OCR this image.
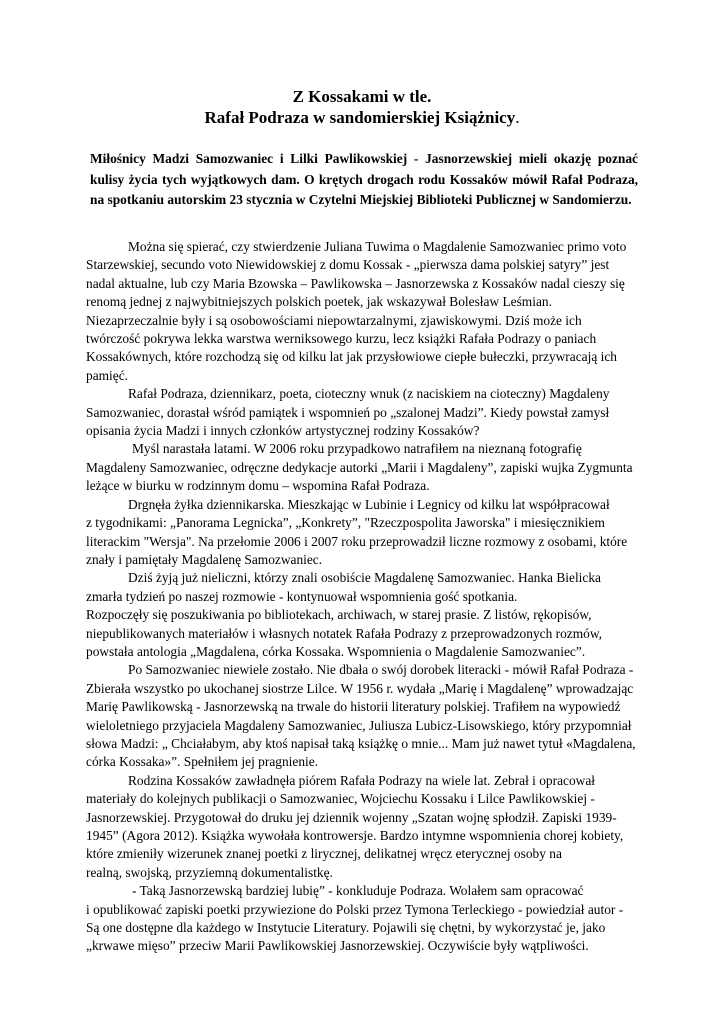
Z Kossakami w tle.
Rafał Podraza w sandomierskiej Książnicy.
Miłośnicy Madzi Samozwaniec i Lilki Pawlikowskiej - Jasnorzewskiej mieli okazję poznać
kulisy życia tych wyjątkowych dam. O krętych drogach rodu Kossaków mówił Rafał Podraza,
na spotkaniu autorskim 23 stycznia w Czytelni Miejskiej Biblioteki Publicznej w Sandomierzu.
Można się spierać, czy stwierdzenie Juliana Tuwima o Magdalenie Samozwaniec primo voto
Starzewskiej, secundo voto Niewidowskiej z domu Kossak - „pierwsza dama polskiej satyry” jest
nadal aktualne, lub czy Maria Bzowska – Pawlikowska – Jasnorzewska z Kossaków nadal cieszy się
renomą jednej z najwybitniejszych polskich poetek, jak wskazywał Bolesław Leśmian.
Niezaprzeczalnie były i są osobowościami niepowtarzalnymi, zjawiskowymi. Dziś może ich
twórczość pokrywa lekka warstwa werniksowego kurzu, lecz książki Rafała Podrazy o paniach
Kossakównych, które rozchodzą się od kilku lat jak przysłowiowe ciepłe bułeczki, przywracają ich
pamięć.
Rafał Podraza, dziennikarz, poeta, cioteczny wnuk (z naciskiem na cioteczny) Magdaleny
Samozwaniec, dorastał wśród pamiątek i wspomnień po „szalonej Madzi”. Kiedy powstał zamysł
opisania życia Madzi i innych członków artystycznej rodziny Kossaków?
Myśl narastała latami. W 2006 roku przypadkowo natrafiłem na nieznaną fotografię
Magdaleny Samozwaniec, odręczne dedykacje autorki „Marii i Magdaleny”, zapiski wujka Zygmunta
leżące w biurku w rodzinnym domu – wspomina Rafał Podraza.
Drgnęła żyłka dziennikarska. Mieszkając w Lubinie i Legnicy od kilku lat współpracował
z tygodnikami: „Panorama Legnicka”, „Konkrety”, "Rzeczpospolita Jaworska" i miesięcznikiem
literackim "Wersja". Na przełomie 2006 i 2007 roku przeprowadził liczne rozmowy z osobami, które
znały i pamiętały Magdalenę Samozwaniec.
Dziś żyją już nieliczni, którzy znali osobiście Magdalenę Samozwaniec. Hanka Bielicka
zmarła tydzień po naszej rozmowie - kontynuował wspomnienia gość spotkania.
Rozpoczęły się poszukiwania po bibliotekach, archiwach, w starej prasie. Z listów, rękopisów,
niepublikowanych materiałów i własnych notatek Rafała Podrazy z przeprowadzonych rozmów,
powstała antologia „Magdalena, córka Kossaka. Wspomnienia o Magdalenie Samozwaniec”.
Po Samozwaniec niewiele zostało. Nie dbała o swój dorobek literacki - mówił Rafał Podraza -
Zbierała wszystko po ukochanej siostrze Lilce. W 1956 r. wydała „Marię i Magdalenę” wprowadzając
Marię Pawlikowską - Jasnorzewską na trwale do historii literatury polskiej. Trafiłem na wypowiedź
wieloletniego przyjaciela Magdaleny Samozwaniec, Juliusza Lubicz-Lisowskiego, który przypomniał
słowa Madzi: „ Chciałabym, aby ktoś napisał taką książkę o mnie... Mam już nawet tytuł «Magdalena,
córka Kossaka»”. Spełniłem jej pragnienie.
Rodzina Kossaków zawładnęła piórem Rafała Podrazy na wiele lat. Zebrał i opracował
materiały do kolejnych publikacji o Samozwaniec, Wojciechu Kossaku i Lilce Pawlikowskiej -
Jasnorzewskiej. Przygotował do druku jej dziennik wojenny „Szatan wojnę spłodził. Zapiski 1939-
1945” (Agora 2012). Książka wywołała kontrowersje. Bardzo intymne wspomnienia chorej kobiety,
które zmieniły wizerunek znanej poetki z lirycznej, delikatnej wręcz eterycznej osoby na
realną, swojską, przyziemną dokumentalistkę.
- Taką Jasnorzewską bardziej lubię” - konkluduje Podraza. Wolałem sam opracować
i opublikować zapiski poetki przywiezione do Polski przez Tymona Terleckiego - powiedział autor -
Są one dostępne dla każdego w Instytucie Literatury. Pojawili się chętni, by wykorzystać je, jako
„krwawe mięso” przeciw Marii Pawlikowskiej Jasnorzewskiej. Oczywiście były wątpliwości.
